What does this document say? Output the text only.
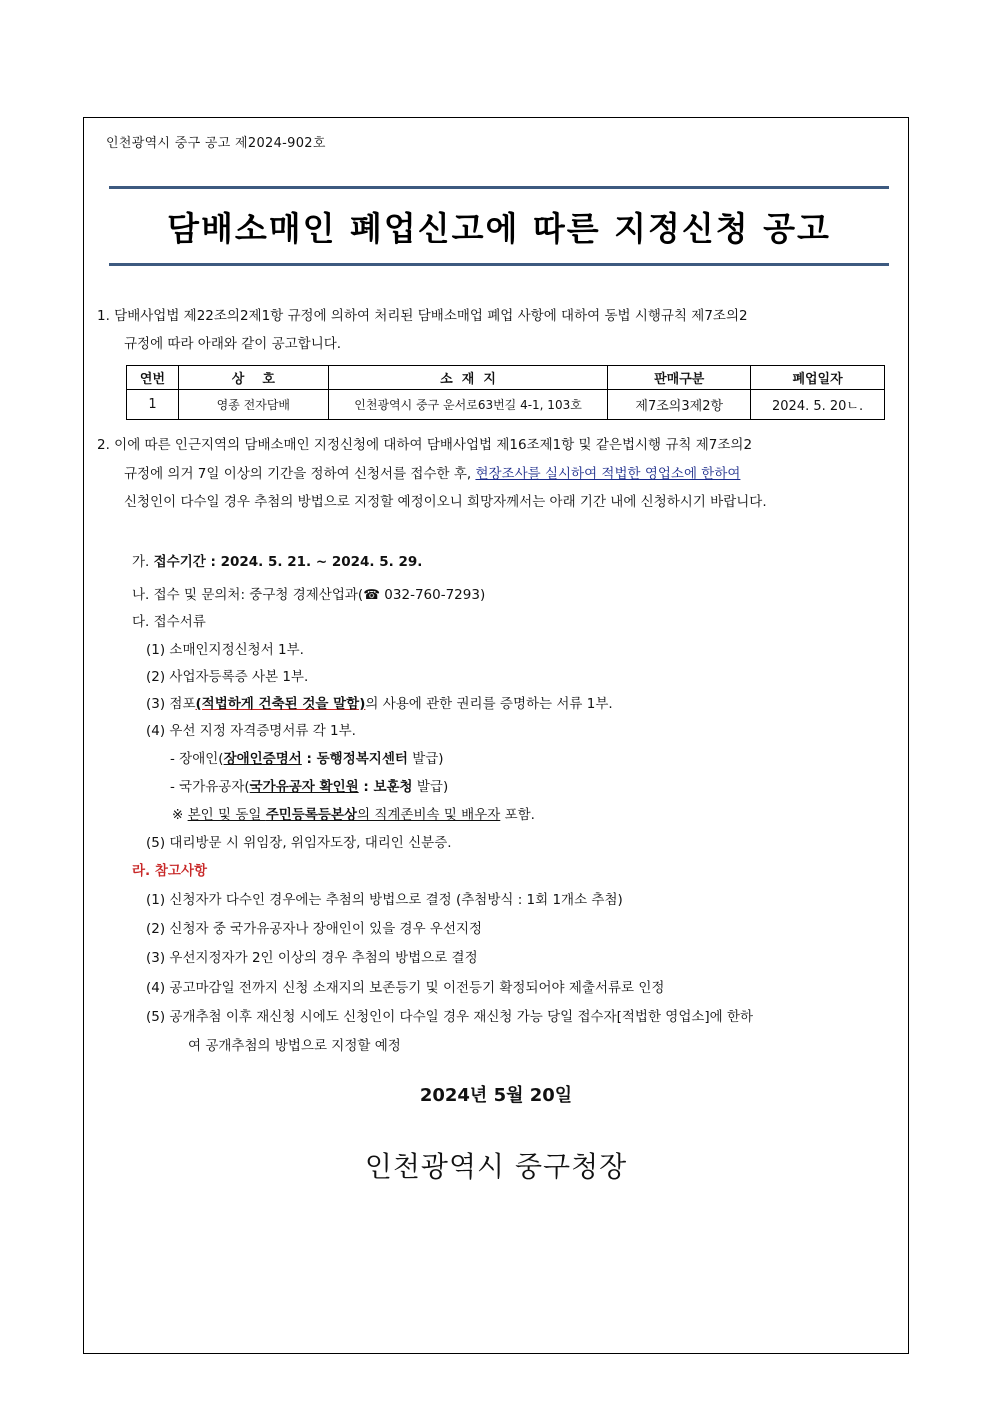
인천광역시 중구 공고 제2024-902호
담배소매인 폐업신고에 따른 지정신청 공고
1. 담배사업법 제22조의2제1항 규정에 의하여 처리된 담배소매업 폐업 사항에 대하여 동법 시행규칙 제7조의2
규정에 따라 아래와 같이 공고합니다.
연번	상    호	소  재  지	판매구분	폐업일자
1	영종 전자담배	인천광역시 중구 운서로63번길 4-1, 103호	제7조의3제2항	2024. 5. 20ㄴ.
2. 이에 따른 인근지역의 담배소매인 지정신청에 대하여 담배사업법 제16조제1항 및 같은법시행 규칙 제7조의2
규정에 의거 7일 이상의 기간을 정하여 신청서를 접수한 후, 현장조사를 실시하여 적법한 영업소에 한하여
신청인이 다수일 경우 추첨의 방법으로 지정할 예정이오니 희망자께서는 아래 기간 내에 신청하시기 바랍니다.
가. 접수기간 : 2024. 5. 21. ~ 2024. 5. 29.
나. 접수 및 문의처: 중구청 경제산업과(☎ 032-760-7293)
다. 접수서류
(1) 소매인지정신청서 1부.
(2) 사업자등록증 사본 1부.
(3) 점포(적법하게 건축된 것을 말함)의 사용에 관한 권리를 증명하는 서류 1부.
(4) 우선 지정 자격증명서류 각 1부.
- 장애인(장애인증명서 : 동행정복지센터 발급)
- 국가유공자(국가유공자 확인원 : 보훈청 발급)
※ 본인 및 동일 주민등록등본상의 직계존비속 및 배우자 포함.
(5) 대리방문 시 위임장, 위임자도장, 대리인 신분증.
라. 참고사항
(1) 신청자가 다수인 경우에는 추첨의 방법으로 결정 (추첨방식 : 1회 1개소 추첨)
(2) 신청자 중 국가유공자나 장애인이 있을 경우 우선지정
(3) 우선지정자가 2인 이상의 경우 추첨의 방법으로 결정
(4) 공고마감일 전까지 신청 소재지의 보존등기 및 이전등기 확정되어야 제출서류로 인정
(5) 공개추첨 이후 재신청 시에도 신청인이 다수일 경우 재신청 가능 당일 접수자[적법한 영업소]에 한하
여 공개추첨의 방법으로 지정할 예정
2024년 5월 20일
인천광역시 중구청장
